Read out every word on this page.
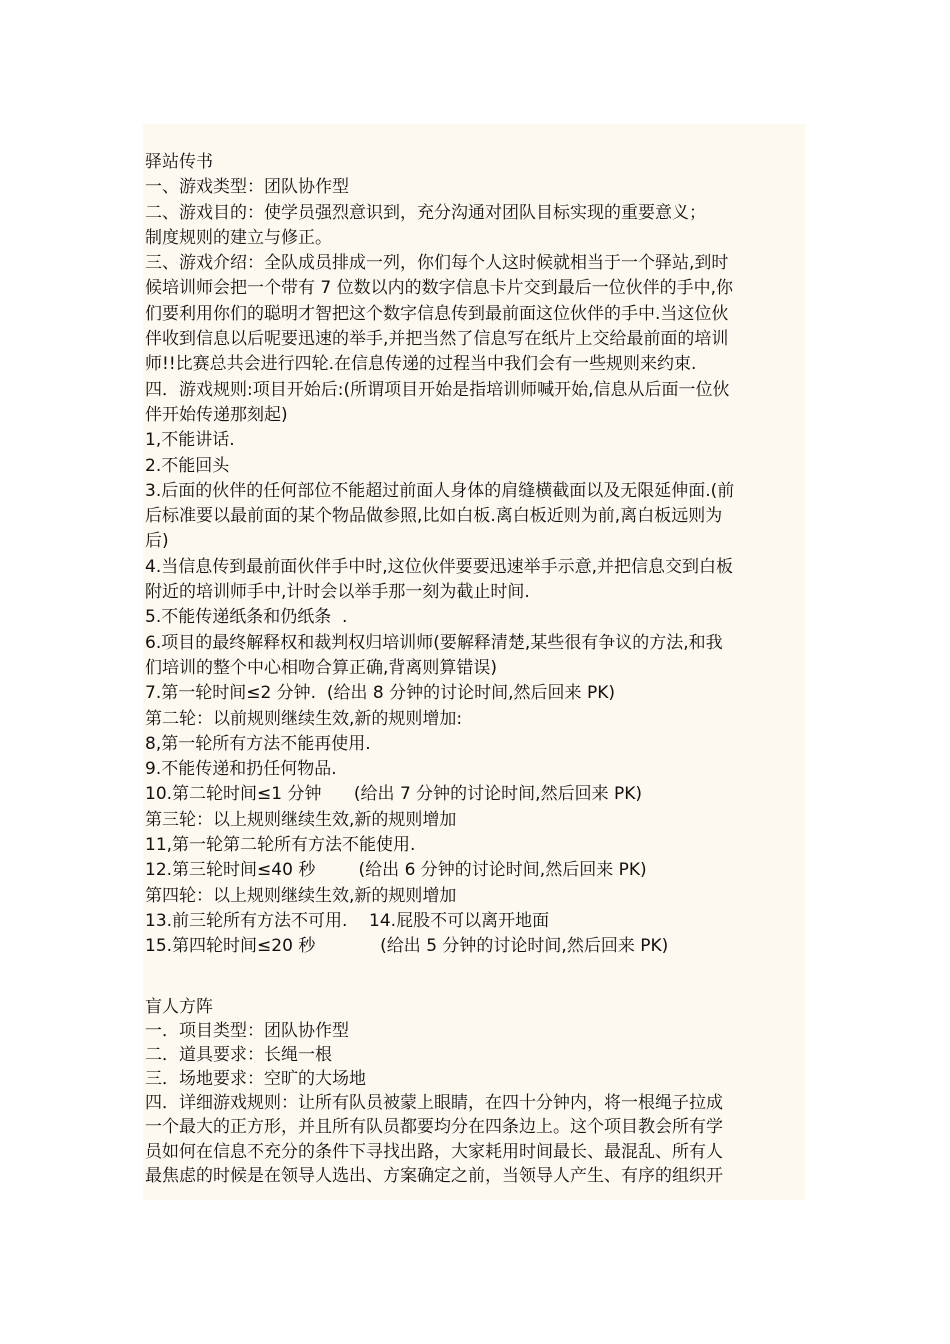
驿站传书
一、游戏类型：团队协作型
二、游戏目的：使学员强烈意识到，充分沟通对团队目标实现的重要意义；
制度规则的建立与修正。
三、游戏介绍：全队成员排成一列，你们每个人这时候就相当于一个驿站,到时
候培训师会把一个带有 7 位数以内的数字信息卡片交到最后一位伙伴的手中,你
们要利用你们的聪明才智把这个数字信息传到最前面这位伙伴的手中.当这位伙
伴收到信息以后呢要迅速的举手,并把当然了信息写在纸片上交给最前面的培训
师!!比赛总共会进行四轮.在信息传递的过程当中我们会有一些规则来约束.
四．游戏规则:项目开始后:(所谓项目开始是指培训师喊开始,信息从后面一位伙
伴开始传递那刻起)
1,不能讲话.
2.不能回头
3.后面的伙伴的任何部位不能超过前面人身体的肩缝横截面以及无限延伸面.(前
后标准要以最前面的某个物品做参照,比如白板.离白板近则为前,离白板远则为
后)
4.当信息传到最前面伙伴手中时,这位伙伴要要迅速举手示意,并把信息交到白板
附近的培训师手中,计时会以举手那一刻为截止时间.
5.不能传递纸条和仍纸条  .
6.项目的最终解释权和裁判权归培训师(要解释清楚,某些很有争议的方法,和我
们培训的整个中心相吻合算正确,背离则算错误)
7.第一轮时间≤2 分钟.  (给出 8 分钟的讨论时间,然后回来 PK)
第二轮：以前规则继续生效,新的规则增加:
8,第一轮所有方法不能再使用.
9.不能传递和扔任何物品.
10.第二轮时间≤1 分钟      (给出 7 分钟的讨论时间,然后回来 PK)
第三轮：以上规则继续生效,新的规则增加
11,第一轮第二轮所有方法不能使用.
12.第三轮时间≤40 秒        (给出 6 分钟的讨论时间,然后回来 PK)
第四轮：以上规则继续生效,新的规则增加
13.前三轮所有方法不可用.    14.屁股不可以离开地面
15.第四轮时间≤20 秒            (给出 5 分钟的讨论时间,然后回来 PK)
盲人方阵
一．项目类型：团队协作型
二．道具要求：长绳一根
三．场地要求：空旷的大场地
四．详细游戏规则：让所有队员被蒙上眼睛，在四十分钟内，将一根绳子拉成
一个最大的正方形，并且所有队员都要均分在四条边上。这个项目教会所有学
员如何在信息不充分的条件下寻找出路，大家耗用时间最长、最混乱、所有人
最焦虑的时候是在领导人选出、方案确定之前，当领导人产生、有序的组织开
